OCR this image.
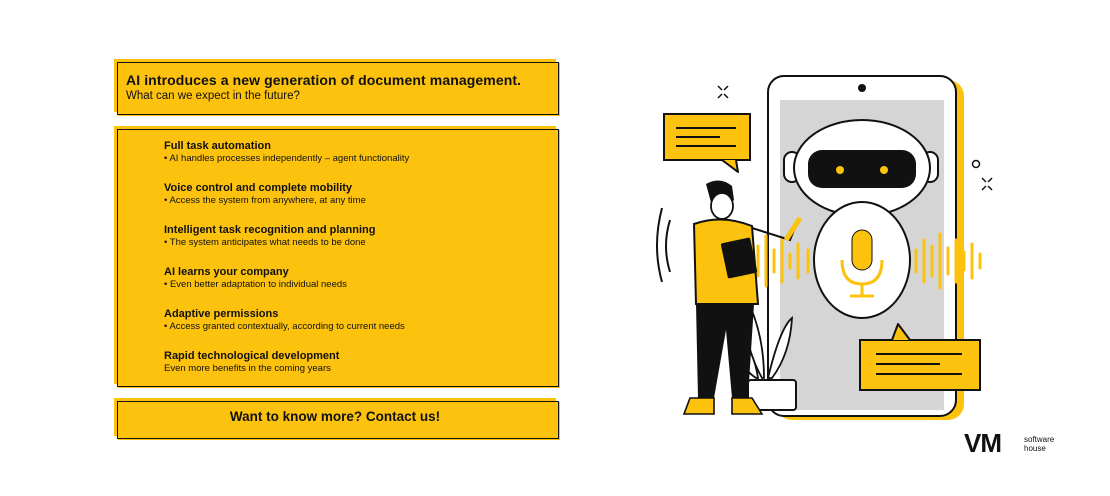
AI introduces a new generation of document management.
What can we expect in the future?
Full task automation
• AI handles processes independently – agent functionality
Voice control and complete mobility
• Access the system from anywhere, at any time
Intelligent task recognition and planning
• The system anticipates what needs to be done
AI learns your company
• Even better adaptation to individual needs
Adaptive permissions
• Access granted contextually, according to current needs
Rapid technological development
Even more benefits in the coming years
Want to know more? Contact us!
VM	software
house
